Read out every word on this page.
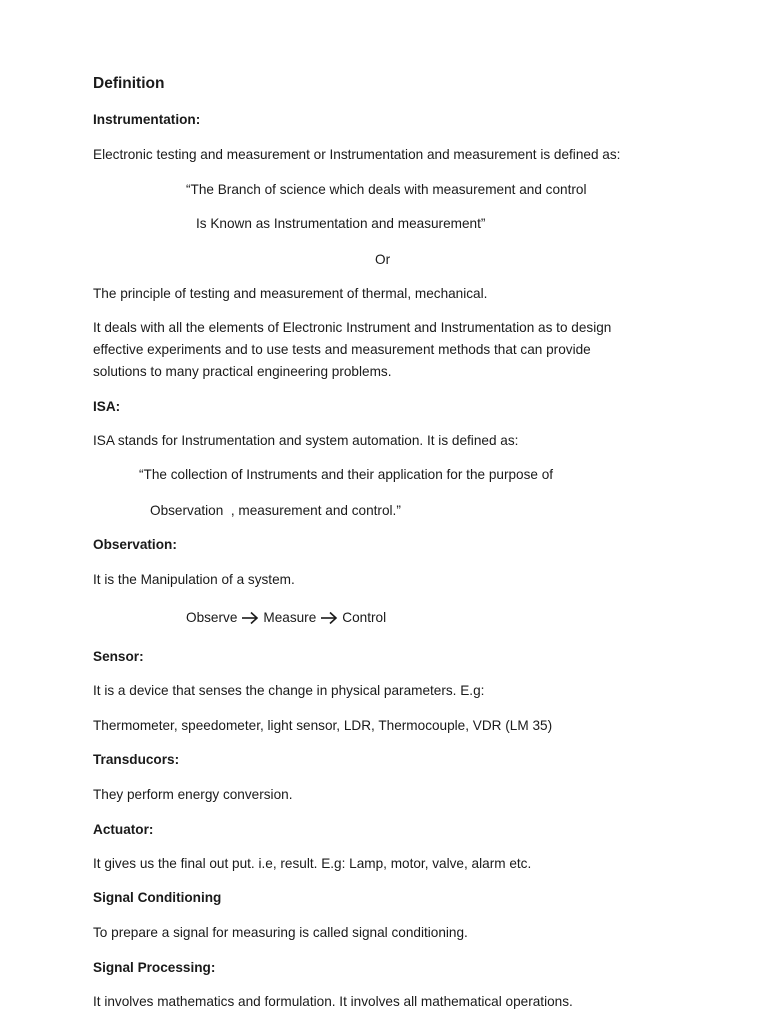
Definition

Instrumentation:

Electronic testing and measurement or Instrumentation and measurement is defined as:

“The Branch of science which deals with measurement and control

Is Known as Instrumentation and measurement”

Or

The principle of testing and measurement of thermal, mechanical.

It deals with all the elements of Electronic Instrument and Instrumentation as to design

effective experiments and to use tests and measurement methods that can provide

solutions to many practical engineering problems.

ISA:

ISA stands for Instrumentation and system automation. It is defined as:

“The collection of Instruments and their application for the purpose of

Observation  , measurement and control.”

Observation:

It is the Manipulation of a system.

Observe Measure Control

Sensor:

It is a device that senses the change in physical parameters. E.g:

Thermometer, speedometer, light sensor, LDR, Thermocouple, VDR (LM 35)

Transducors:

They perform energy conversion.

Actuator:

It gives us the final out put. i.e, result. E.g: Lamp, motor, valve, alarm etc.

Signal Conditioning

To prepare a signal for measuring is called signal conditioning.

Signal Processing:

It involves mathematics and formulation. It involves all mathematical operations.
